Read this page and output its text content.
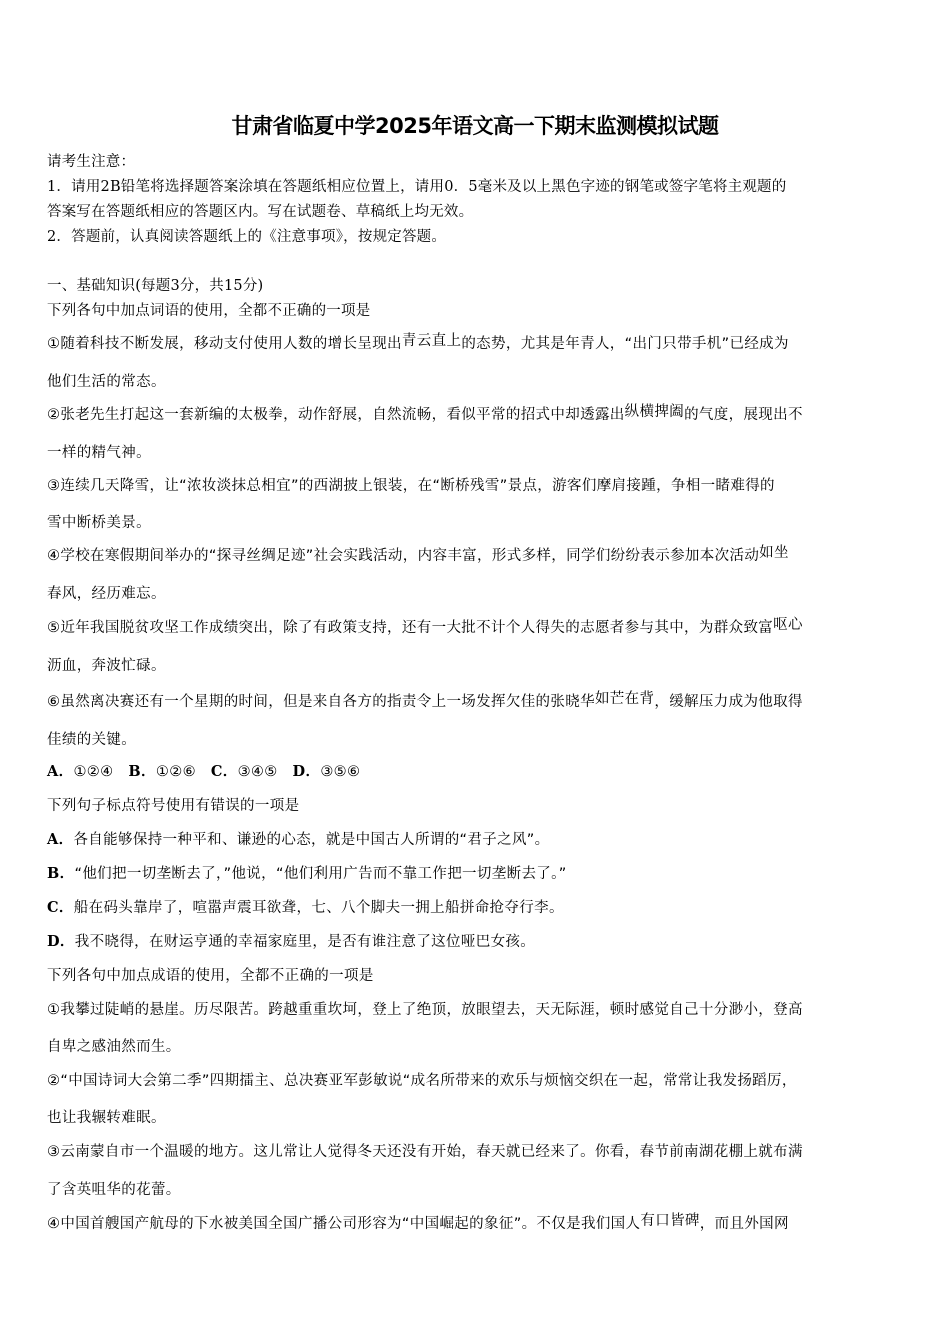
甘肃省临夏中学2025年语文高一下期末监测模拟试题
请考生注意：
1．请用2B铅笔将选择题答案涂填在答题纸相应位置上，请用0．5毫米及以上黑色字迹的钢笔或签字笔将主观题的
答案写在答题纸相应的答题区内。写在试题卷、草稿纸上均无效。
2．答题前，认真阅读答题纸上的《注意事项》，按规定答题。
一、基础知识(每题3分，共15分)
下列各句中加点词语的使用，全都不正确的一项是
①随着科技不断发展，移动支付使用人数的增长呈现出青云直上的态势，尤其是年青人，“出门只带手机”已经成为
他们生活的常态。
②张老先生打起这一套新编的太极拳，动作舒展，自然流畅，看似平常的招式中却透露出纵横捭阖的气度，展现出不
一样的精气神。
③连续几天降雪，让“浓妆淡抹总相宜”的西湖披上银装，在“断桥残雪”景点，游客们摩肩接踵，争相一睹难得的
雪中断桥美景。
④学校在寒假期间举办的“探寻丝绸足迹”社会实践活动，内容丰富，形式多样，同学们纷纷表示参加本次活动如坐
春风，经历难忘。
⑤近年我国脱贫攻坚工作成绩突出，除了有政策支持，还有一大批不计个人得失的志愿者参与其中，为群众致富呕心
沥血，奔波忙碌。
⑥虽然离决赛还有一个星期的时间，但是来自各方的指责令上一场发挥欠佳的张晓华如芒在背，缓解压力成为他取得
佳绩的关键。
A．①②④ B．①②⑥ C．③④⑤ D．③⑤⑥
下列句子标点符号使用有错误的一项是
A．各自能够保持一种平和、谦逊的心态，就是中国古人所谓的“君子之风”。
B．“他们把一切垄断去了，”他说，“他们利用广告而不靠工作把一切垄断去了。”
C．船在码头靠岸了，喧嚣声震耳欲聋，七、八个脚夫一拥上船拼命抢夺行李。
D．我不晓得，在财运亨通的幸福家庭里，是否有谁注意了这位哑巴女孩。
下列各句中加点成语的使用，全都不正确的一项是
①我攀过陡峭的悬崖。历尽限苦。跨越重重坎坷，登上了绝顶，放眼望去，天无际涯，顿时感觉自己十分渺小，登高
自卑之感油然而生。
②“中国诗词大会第二季”四期擂主、总决赛亚军彭敏说“成名所带来的欢乐与烦恼交织在一起，常常让我发扬蹈厉，
也让我辗转难眠。
③云南蒙自市一个温暖的地方。这儿常让人觉得冬天还没有开始，春天就已经来了。你看，春节前南湖花棚上就布满
了含英咀华的花蕾。
④中国首艘国产航母的下水被美国全国广播公司形容为“中国崛起的象征”。不仅是我们国人有口皆碑，而且外国网
